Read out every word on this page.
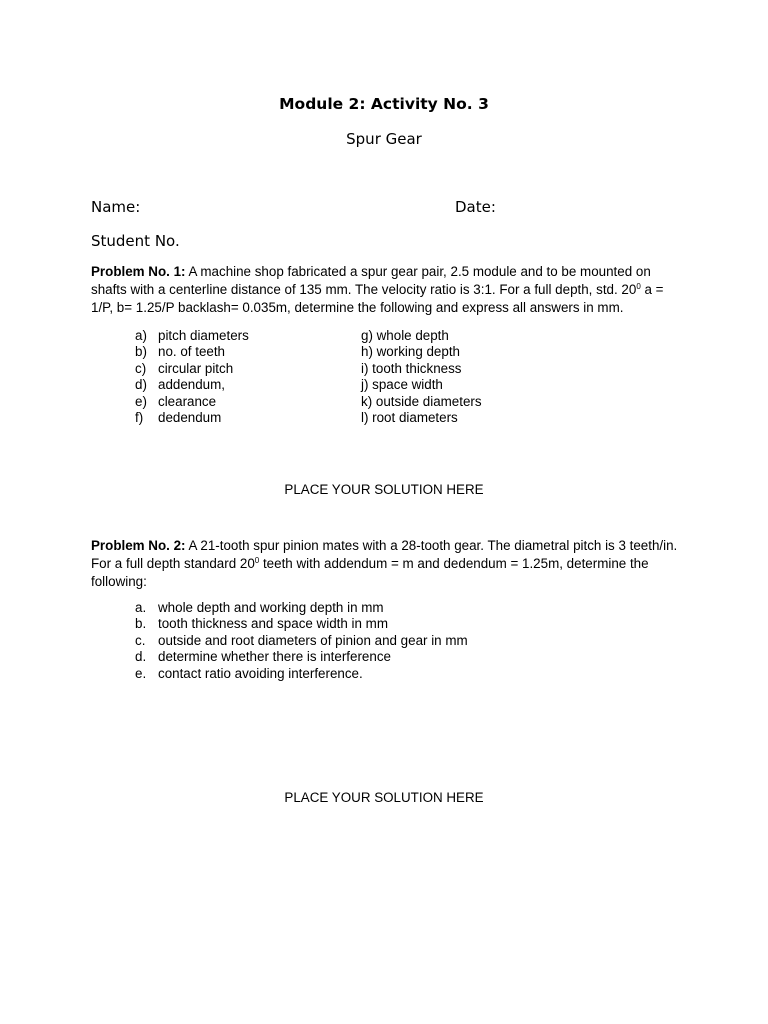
Module 2: Activity No. 3
Spur Gear
Name:	Date:
Student No.
Problem No. 1: A machine shop fabricated a spur gear pair, 2.5 module and to be mounted on shafts with a centerline distance of 135 mm. The velocity ratio is 3:1. For a full depth, std. $20^0$ a = 1/P, b= 1.25/P backlash= 0.035m, determine the following and express all answers in mm.
a) pitch diameters
b) no. of teeth
c) circular pitch
d) addendum,
e) clearance
f)	dedendum
g) whole depth
h) working depth
i) tooth thickness
j) space width
k) outside diameters
l) root diameters
PLACE YOUR SOLUTION HERE
Problem No. 2: A 21-tooth spur pinion mates with a 28-tooth gear. The diametral pitch is 3 teeth/in. For a full depth standard $20^0$ teeth with addendum = m and dedendum = 1.25m, determine the following:
a. whole depth and working depth in mm
b. tooth thickness and space width in mm
c. outside and root diameters of pinion and gear in mm
d. determine whether there is interference
e. contact ratio avoiding interference.
PLACE YOUR SOLUTION HERE
